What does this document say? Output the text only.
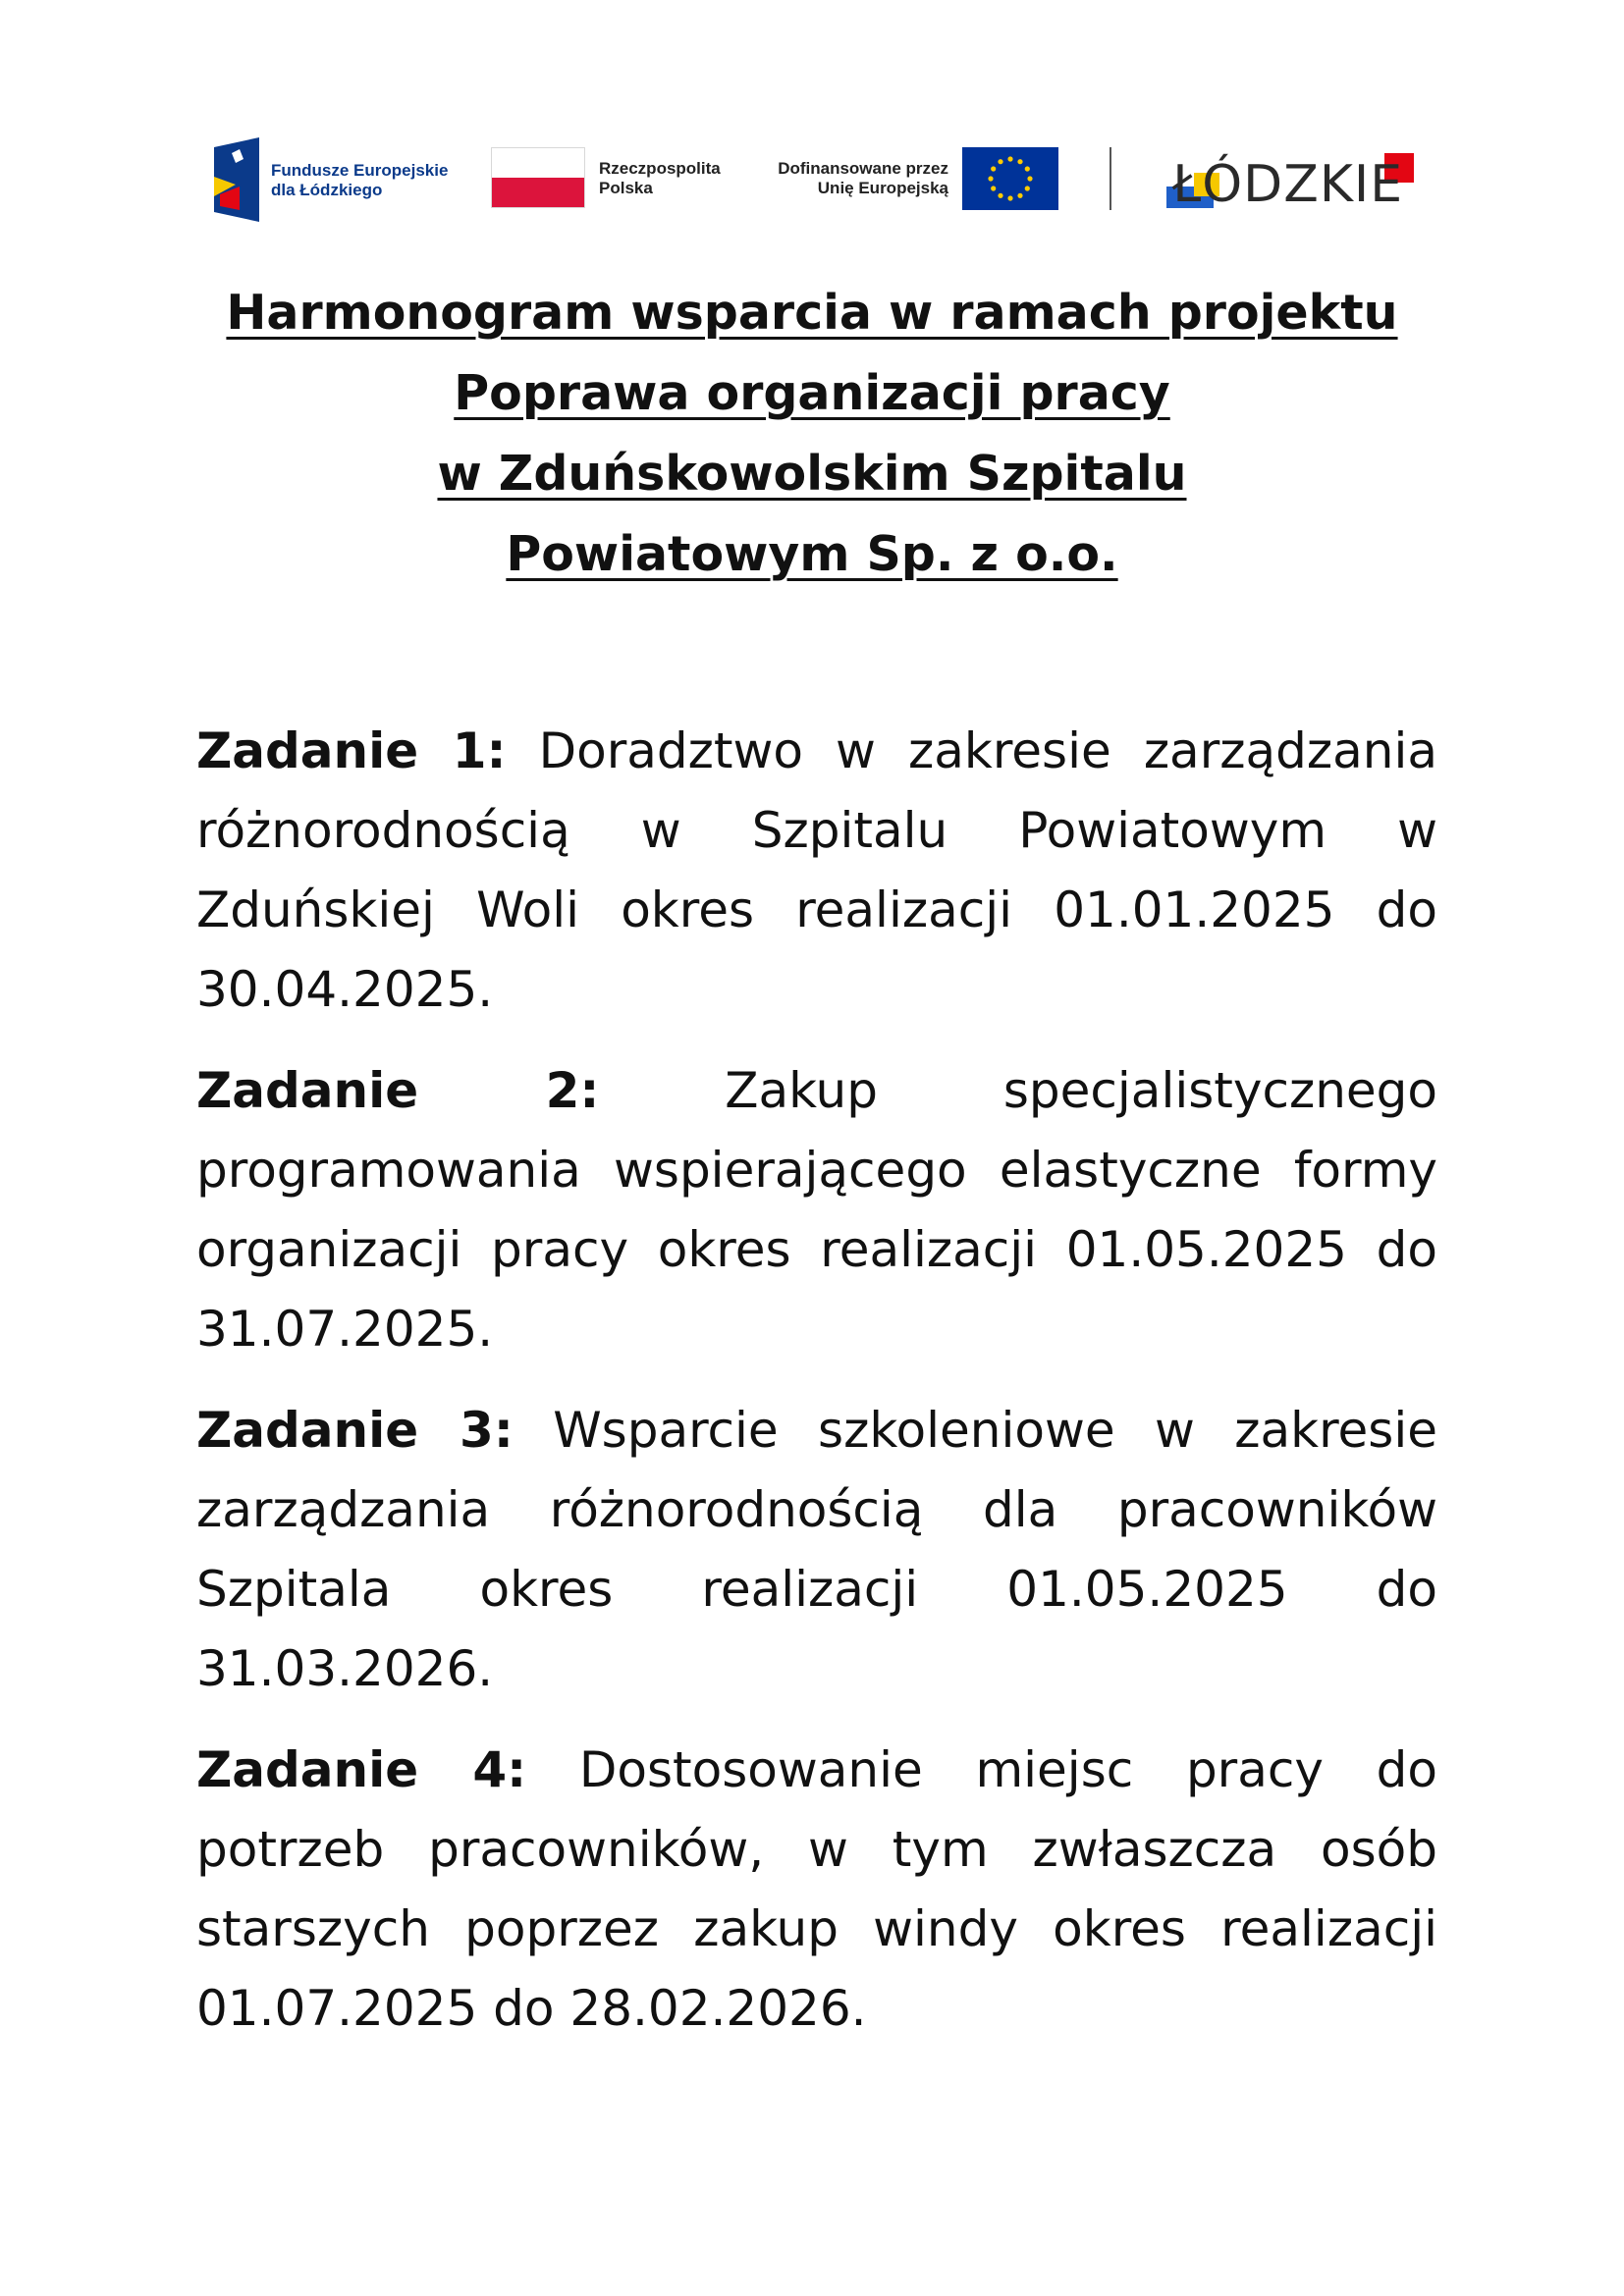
Fundusze Europejskie
dla Łódzkiego
Rzeczpospolita
Polska
Dofinansowane przez
Unię Europejską	ŁÓDZKIE
Harmonogram wsparcia w ramach projektu
Poprawa organizacji pracy
w Zduńskowolskim Szpitalu
Powiatowym Sp. z o.o.

Zadanie 1: Doradztwo w zakresie zarządzania różnorodnością w Szpitalu Powiatowym w Zduńskiej Woli okres realizacji 01.01.2025 do 30.04.2025.

Zadanie 2:	Zakup specjalistycznego programowania wspierającego elastyczne formy organizacji pracy okres realizacji 01.05.2025 do 31.07.2025.

Zadanie 3: Wsparcie szkoleniowe w zakresie zarządzania różnorodnością dla pracowników Szpitala okres realizacji 01.05.2025 do 31.03.2026.

Zadanie 4: Dostosowanie miejsc pracy do potrzeb pracowników, w tym zwłaszcza osób starszych poprzez zakup windy okres realizacji 01.07.2025 do 28.02.2026.
